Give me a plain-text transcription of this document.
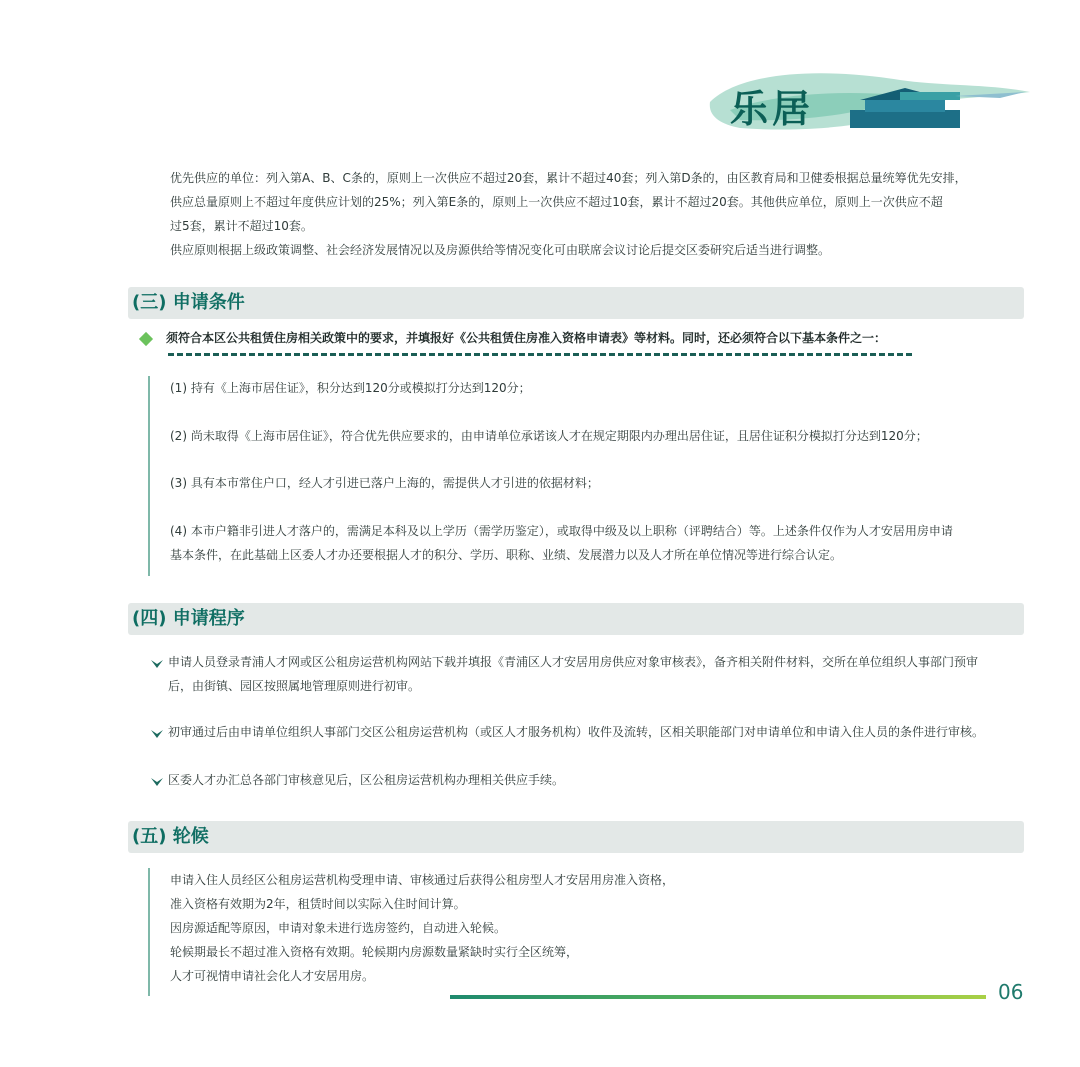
乐居
优先供应的单位：列入第A、B、C条的，原则上一次供应不超过20套，累计不超过40套；列入第D条的，由区教育局和卫健委根据总量统筹优先安排，
供应总量原则上不超过年度供应计划的25%；列入第E条的，原则上一次供应不超过10套，累计不超过20套。其他供应单位，原则上一次供应不超
过5套，累计不超过10套。
供应原则根据上级政策调整、社会经济发展情况以及房源供给等情况变化可由联席会议讨论后提交区委研究后适当进行调整。
(三) 申请条件
须符合本区公共租赁住房相关政策中的要求，并填报好《公共租赁住房准入资格申请表》等材料。同时，还必须符合以下基本条件之一：
(1) 持有《上海市居住证》，积分达到120分或模拟打分达到120分；
(2) 尚未取得《上海市居住证》，符合优先供应要求的，由申请单位承诺该人才在规定期限内办理出居住证，且居住证积分模拟打分达到120分；
(3) 具有本市常住户口，经人才引进已落户上海的，需提供人才引进的依据材料；
(4) 本市户籍非引进人才落户的，需满足本科及以上学历（需学历鉴定），或取得中级及以上职称（评聘结合）等。上述条件仅作为人才安居用房申请
基本条件，在此基础上区委人才办还要根据人才的积分、学历、职称、业绩、发展潜力以及人才所在单位情况等进行综合认定。
(四) 申请程序
申请人员登录青浦人才网或区公租房运营机构网站下载并填报《青浦区人才安居用房供应对象审核表》，备齐相关附件材料，交所在单位组织人事部门预审
后，由街镇、园区按照属地管理原则进行初审。
初审通过后由申请单位组织人事部门交区公租房运营机构（或区人才服务机构）收件及流转，区相关职能部门对申请单位和申请入住人员的条件进行审核。
区委人才办汇总各部门审核意见后，区公租房运营机构办理相关供应手续。
(五) 轮候
申请入住人员经区公租房运营机构受理申请、审核通过后获得公租房型人才安居用房准入资格，
准入资格有效期为2年，租赁时间以实际入住时间计算。
因房源适配等原因，申请对象未进行选房签约，自动进入轮候。
轮候期最长不超过准入资格有效期。轮候期内房源数量紧缺时实行全区统筹，
人才可视情申请社会化人才安居用房。
06
